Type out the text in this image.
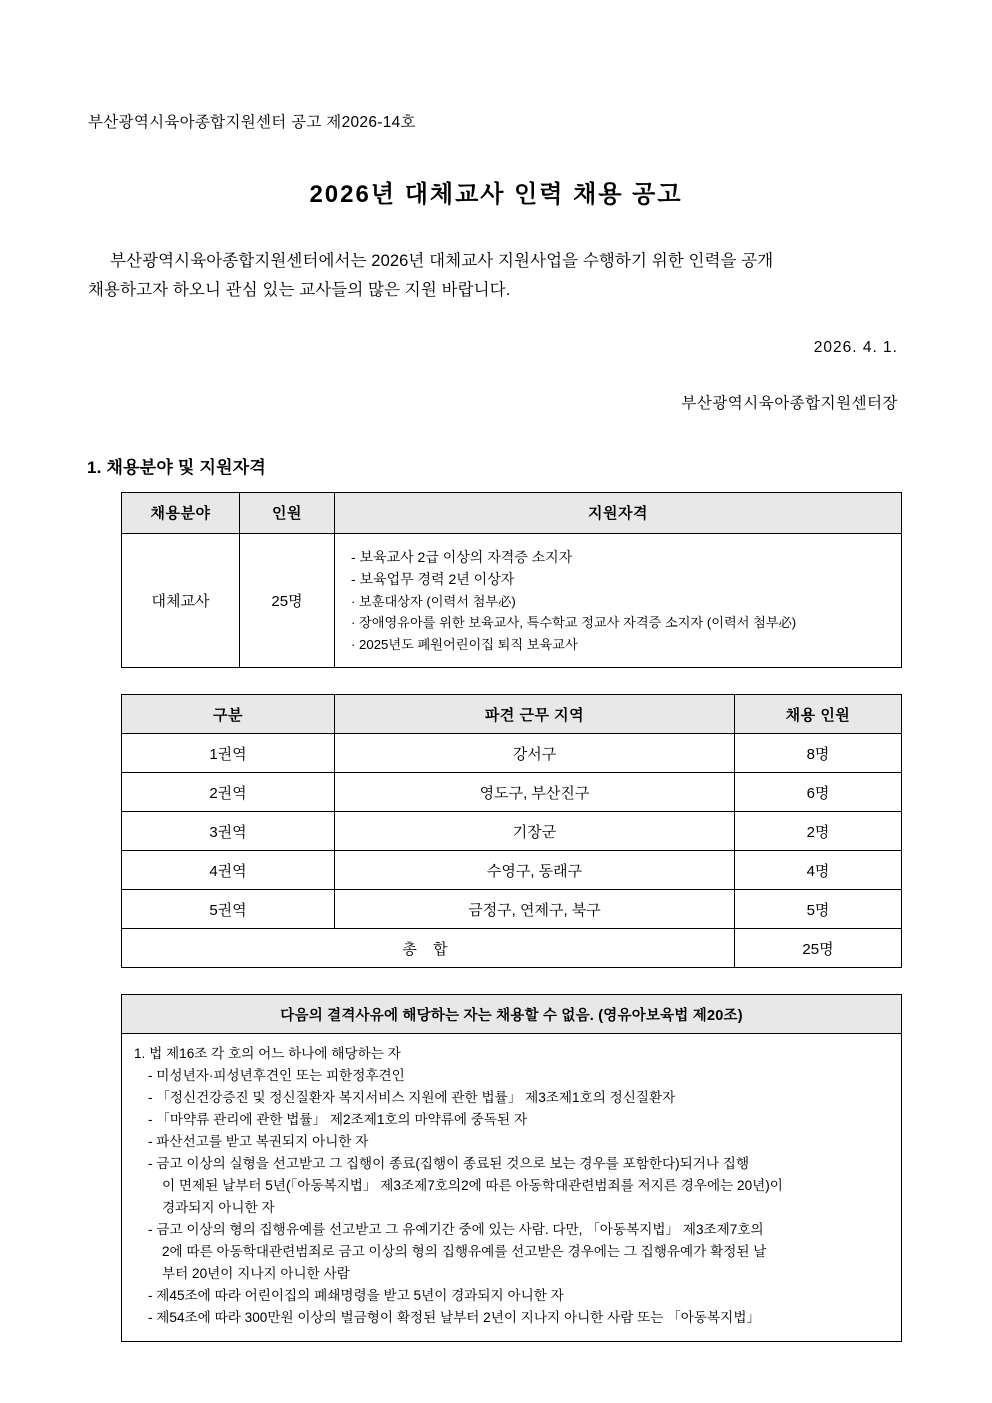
부산광역시육아종합지원센터 공고 제2026-14호
2026년 대체교사 인력 채용 공고
부산광역시육아종합지원센터에서는 2026년 대체교사 지원사업을 수행하기 위한 인력을 공개
채용하고자 하오니 관심 있는 교사들의 많은 지원 바랍니다.
2026. 4. 1.
부산광역시육아종합지원센터장
1. 채용분야 및 지원자격
채용분야	인원	지원자격
대체교사	25명	- 보육교사 2급 이상의 자격증 소지자
- 보육업무 경력 2년 이상자
· 보훈대상자 (이력서 첨부必)
· 장애영유아를 위한 보육교사, 특수학교 정교사 자격증 소지자 (이력서 첨부必)
· 2025년도 폐원어린이집 퇴직 보육교사
구분	파견 근무 지역	채용 인원
1권역	강서구	8명
2권역	영도구, 부산진구	6명
3권역	기장군	2명
4권역	수영구, 동래구	4명
5권역	금정구, 연제구, 북구	5명
총 합		25명
다음의 결격사유에 해당하는 자는 채용할 수 없음. (영유아보육법 제20조)

1. 법 제16조 각 호의 어느 하나에 해당하는 자
- 미성년자·피성년후견인 또는 피한정후견인
- 「정신건강증진 및 정신질환자 복지서비스 지원에 관한 법률」 제3조제1호의 정신질환자
- 「마약류 관리에 관한 법률」 제2조제1호의 마약류에 중독된 자
- 파산선고를 받고 복권되지 아니한 자
- 금고 이상의 실형을 선고받고 그 집행이 종료(집행이 종료된 것으로 보는 경우를 포함한다)되거나 집행
이 면제된 날부터 5년(「아동복지법」 제3조제7호의2에 따른 아동학대관련범죄를 저지른 경우에는 20년)이
경과되지 아니한 자
- 금고 이상의 형의 집행유예를 선고받고 그 유예기간 중에 있는 사람. 다만, 「아동복지법」 제3조제7호의
2에 따른 아동학대관련범죄로 금고 이상의 형의 집행유예를 선고받은 경우에는 그 집행유예가 확정된 날
부터 20년이 지나지 아니한 사람
- 제45조에 따라 어린이집의 폐쇄명령을 받고 5년이 경과되지 아니한 자
- 제54조에 따라 300만원 이상의 벌금형이 확정된 날부터 2년이 지나지 아니한 사람 또는 「아동복지법」
